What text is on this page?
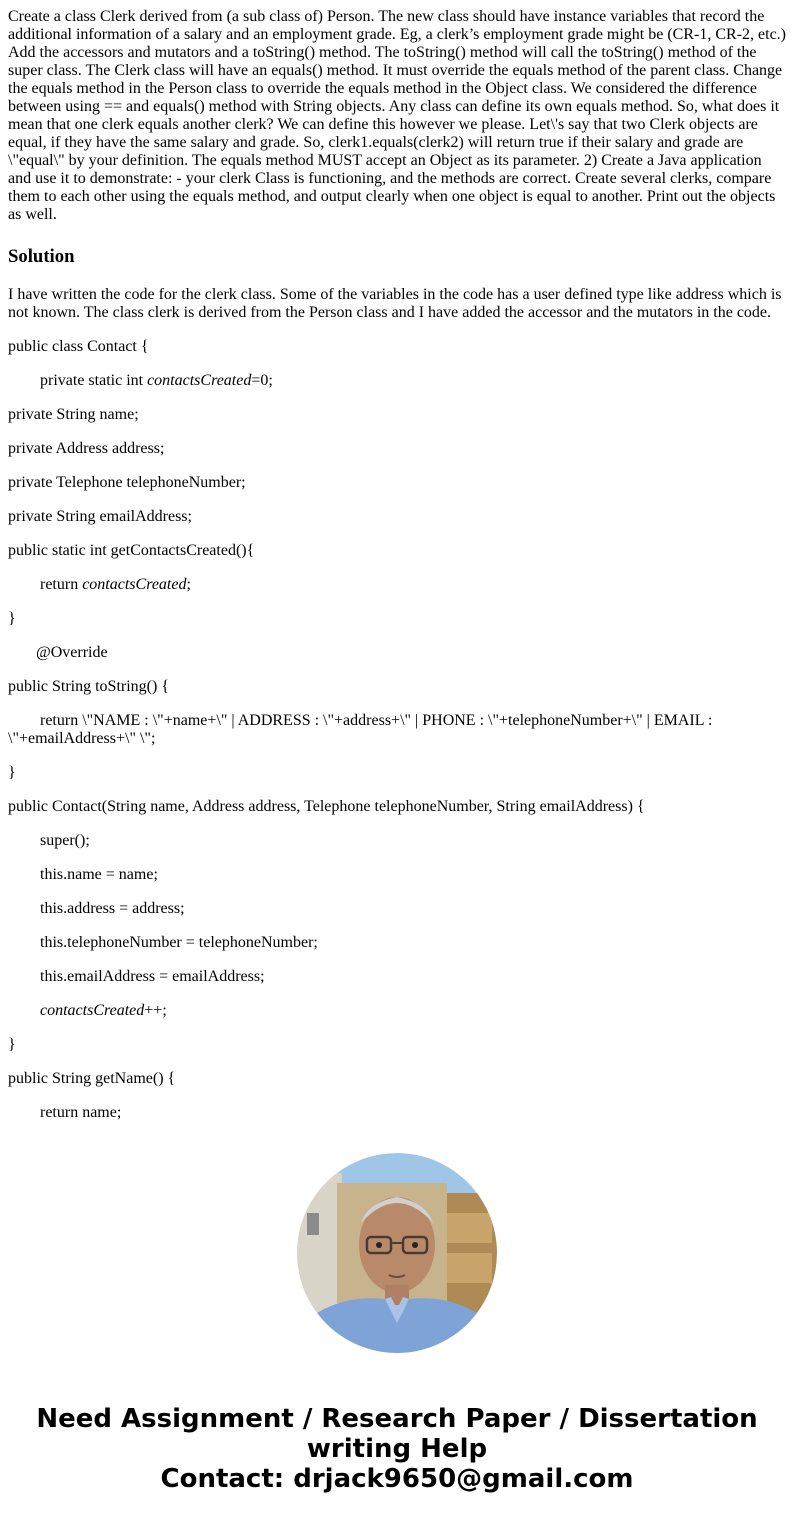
Create a class Clerk derived from (a sub class of) Person. The new class should have instance variables that record the additional information of a salary and an employment grade. Eg, a clerk’s employment grade might be (CR-1, CR-2, etc.) Add the accessors and mutators and a toString() method. The toString() method will call the toString() method of the super class. The Clerk class will have an equals() method. It must override the equals method of the parent class. Change the equals method in the Person class to override the equals method in the Object class. We considered the difference between using == and equals() method with String objects. Any class can define its own equals method. So, what does it mean that one clerk equals another clerk? We can define this however we please. Let\'s say that two Clerk objects are equal, if they have the same salary and grade. So, clerk1.equals(clerk2) will return true if their salary and grade are \"equal\" by your definition. The equals method MUST accept an Object as its parameter. 2) Create a Java application and use it to demonstrate: - your clerk Class is functioning, and the methods are correct. Create several clerks, compare them to each other using the equals method, and output clearly when one object is equal to another. Print out the objects as well.
Solution
I have written the code for the clerk class. Some of the variables in the code has a user defined type like address which is not known. The class clerk is derived from the Person class and I have added the accessor and the mutators in the code.
public class Contact {
private static int contactsCreated=0;
private String name;
private Address address;
private Telephone telephoneNumber;
private String emailAddress;
public static int getContactsCreated(){
return contactsCreated;
}
@Override
public String toString() {
return \"NAME : \"+name+\" | ADDRESS : \"+address+\" | PHONE : \"+telephoneNumber+\" | EMAIL : \"+emailAddress+\" \";
}
public Contact(String name, Address address, Telephone telephoneNumber, String emailAddress) {
super();
this.name = name;
this.address = address;
this.telephoneNumber = telephoneNumber;
this.emailAddress = emailAddress;
contactsCreated++;
}
public String getName() {
return name;
Need Assignment / Research Paper / Dissertation
writing Help
Contact: drjack9650@gmail.com
